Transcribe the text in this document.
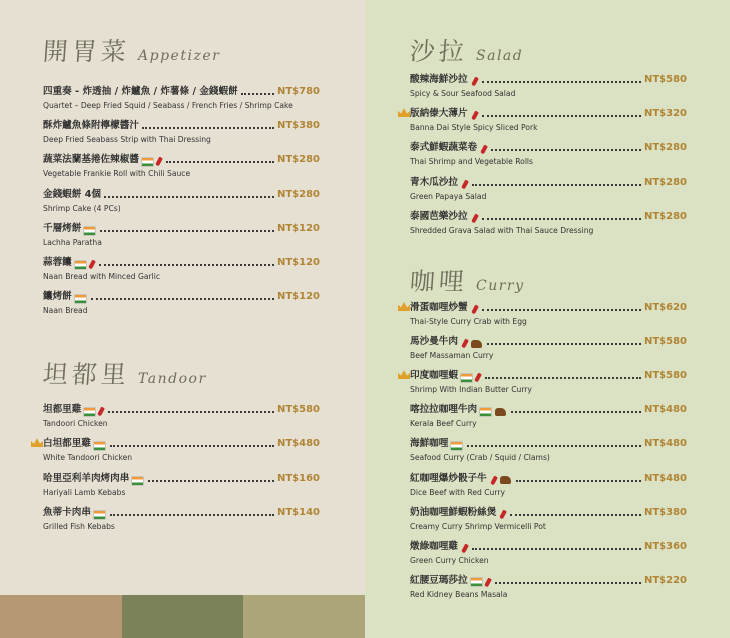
開胃菜 Appetizer
四重奏 - 炸透抽 / 炸鱸魚 / 炸薯條 / 金錢蝦餅	NT$780
Quartet – Deep Fried Squid / Seabass / French Fries / Shrimp Cake
酥炸鱸魚條附檸檬醬汁	NT$380
Deep Fried Seabass Strip with Thai Dressing
蔬菜法蘭基捲佐辣椒醬	NT$280
Vegetable Frankie Roll with Chili Sauce
金錢蝦餅 4個	NT$280
Shrimp Cake (4 PCs)
千層烤餅	NT$120
Lachha Paratha
蒜蓉饢	NT$120
Naan Bread with Minced Garlic
饢烤餅	NT$120
Naan Bread
坦都里 Tandoor
坦都里雞	NT$580
Tandoori Chicken
白坦都里雞	NT$480
White Tandoori Chicken
哈里亞利羊肉烤肉串	NT$160
Hariyali Lamb Kebabs
魚蒂卡肉串	NT$140
Grilled Fish Kebabs
沙拉 Salad
酸辣海鮮沙拉	NT$580
Spicy & Sour Seafood Salad
版納傣大薄片	NT$320
Banna Dai Style Spicy Sliced Pork
泰式鮮蝦蔬菜卷	NT$280
Thai Shrimp and Vegetable Rolls
青木瓜沙拉	NT$280
Green Papaya Salad
泰國芭樂沙拉	NT$280
Shredded Grava Salad with Thai Sauce Dressing
咖哩 Curry
滑蛋咖哩炒蟹	NT$620
Thai-Style Curry Crab with Egg
馬沙曼牛肉	NT$580
Beef Massaman Curry
印度咖哩蝦	NT$580
Shrimp With Indian Butter Curry
喀拉拉咖哩牛肉	NT$480
Kerala Beef Curry
海鮮咖哩	NT$480
Seafood Curry (Crab / Squid / Clams)
紅咖哩爆炒骰子牛	NT$480
Dice Beef with Red Curry
奶油咖哩鮮蝦粉絲煲	NT$380
Creamy Curry Shrimp Vermicelli Pot
燉綠咖哩雞	NT$360
Green Curry Chicken
紅腰豆瑪莎拉	NT$220
Red Kidney Beans Masala
